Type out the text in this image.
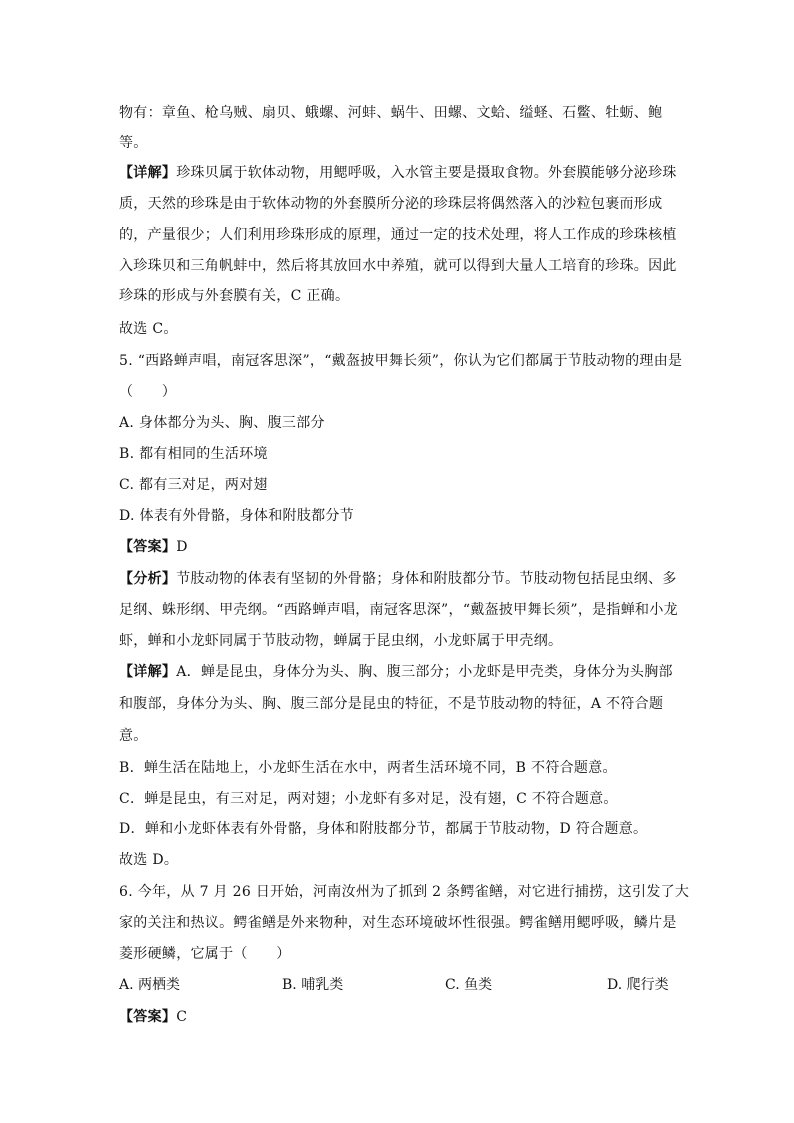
物有：章鱼、枪乌贼、扇贝、蛾螺、河蚌、蜗牛、田螺、文蛤、缢蛏、石鳖、牡蛎、鲍
等。
【详解】珍珠贝属于软体动物，用鳃呼吸，入水管主要是摄取食物。外套膜能够分泌珍珠
质，天然的珍珠是由于软体动物的外套膜所分泌的珍珠层将偶然落入的沙粒包裹而形成
的，产量很少；人们利用珍珠形成的原理，通过一定的技术处理，将人工作成的珍珠核植
入珍珠贝和三角帆蚌中，然后将其放回水中养殖，就可以得到大量人工培育的珍珠。因此
珍珠的形成与外套膜有关，C 正确。
故选 C。
5. “西路蝉声唱，南冠客思深”，“戴盔披甲舞长须”，你认为它们都属于节肢动物的理由是
（　　）
A. 身体都分为头、胸、腹三部分
B. 都有相同的生活环境
C. 都有三对足，两对翅
D. 体表有外骨骼，身体和附肢都分节
【答案】D
【分析】节肢动物的体表有坚韧的外骨骼；身体和附肢都分节。节肢动物包括昆虫纲、多
足纲、蛛形纲、甲壳纲。“西路蝉声唱，南冠客思深”，“戴盔披甲舞长须”，是指蝉和小龙
虾，蝉和小龙虾同属于节肢动物，蝉属于昆虫纲，小龙虾属于甲壳纲。
【详解】A．蝉是昆虫，身体分为头、胸、腹三部分；小龙虾是甲壳类，身体分为头胸部
和腹部，身体分为头、胸、腹三部分是昆虫的特征，不是节肢动物的特征，A 不符合题
意。
B．蝉生活在陆地上，小龙虾生活在水中，两者生活环境不同，B 不符合题意。
C．蝉是昆虫，有三对足，两对翅；小龙虾有多对足，没有翅，C 不符合题意。
D．蝉和小龙虾体表有外骨骼，身体和附肢都分节，都属于节肢动物，D 符合题意。
故选 D。
6. 今年，从 7 月 26 日开始，河南汝州为了抓到 2 条鳄雀鳝，对它进行捕捞，这引发了大
家的关注和热议。鳄雀鳝是外来物种，对生态环境破坏性很强。鳄雀鳝用鳃呼吸，鳞片是
菱形硬鳞，它属于（　　）
A. 两栖类	B. 哺乳类	C. 鱼类	D. 爬行类
【答案】C
